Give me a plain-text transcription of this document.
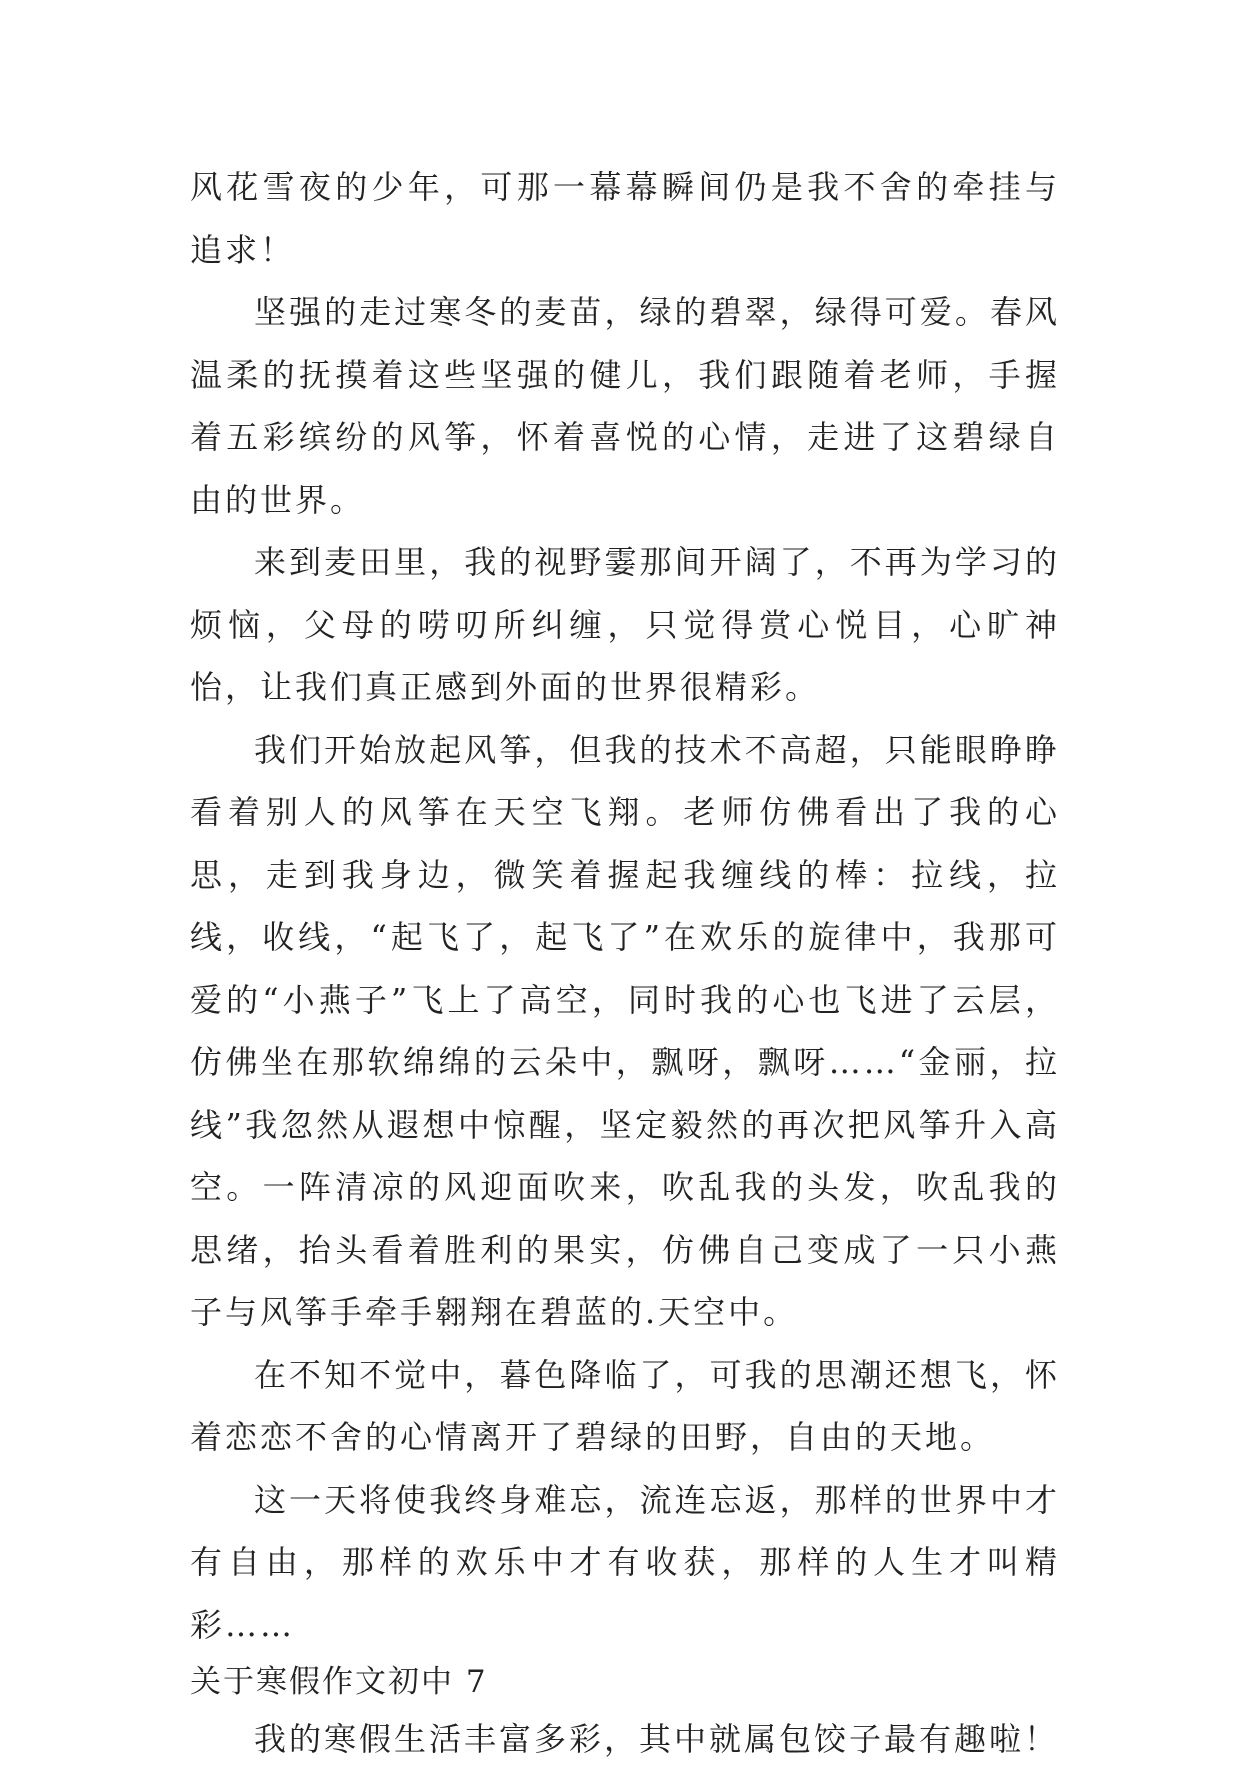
风花雪夜的少年，可那一幕幕瞬间仍是我不舍的牵挂与追求！

坚强的走过寒冬的麦苗，绿的碧翠，绿得可爱。春风温柔的抚摸着这些坚强的健儿，我们跟随着老师，手握着五彩缤纷的风筝，怀着喜悦的心情，走进了这碧绿自由的世界。

来到麦田里，我的视野霎那间开阔了，不再为学习的烦恼，父母的唠叨所纠缠，只觉得赏心悦目，心旷神怡，让我们真正感到外面的世界很精彩。

我们开始放起风筝，但我的技术不高超，只能眼睁睁看着别人的风筝在天空飞翔。老师仿佛看出了我的心思，走到我身边，微笑着握起我缠线的棒：拉线，拉线，收线，“起飞了，起飞了”在欢乐的旋律中，我那可爱的“小燕子”飞上了高空，同时我的心也飞进了云层，仿佛坐在那软绵绵的云朵中，飘呀，飘呀……“金丽，拉线”我忽然从遐想中惊醒，坚定毅然的再次把风筝升入高空。一阵清凉的风迎面吹来，吹乱我的头发，吹乱我的思绪，抬头看着胜利的果实，仿佛自己变成了一只小燕子与风筝手牵手翱翔在碧蓝的.天空中。

在不知不觉中，暮色降临了，可我的思潮还想飞，怀着恋恋不舍的心情离开了碧绿的田野，自由的天地。

这一天将使我终身难忘，流连忘返，那样的世界中才有自由，那样的欢乐中才有收获，那样的人生才叫精彩……

关于寒假作文初中 7

我的寒假生活丰富多彩，其中就属包饺子最有趣啦！
